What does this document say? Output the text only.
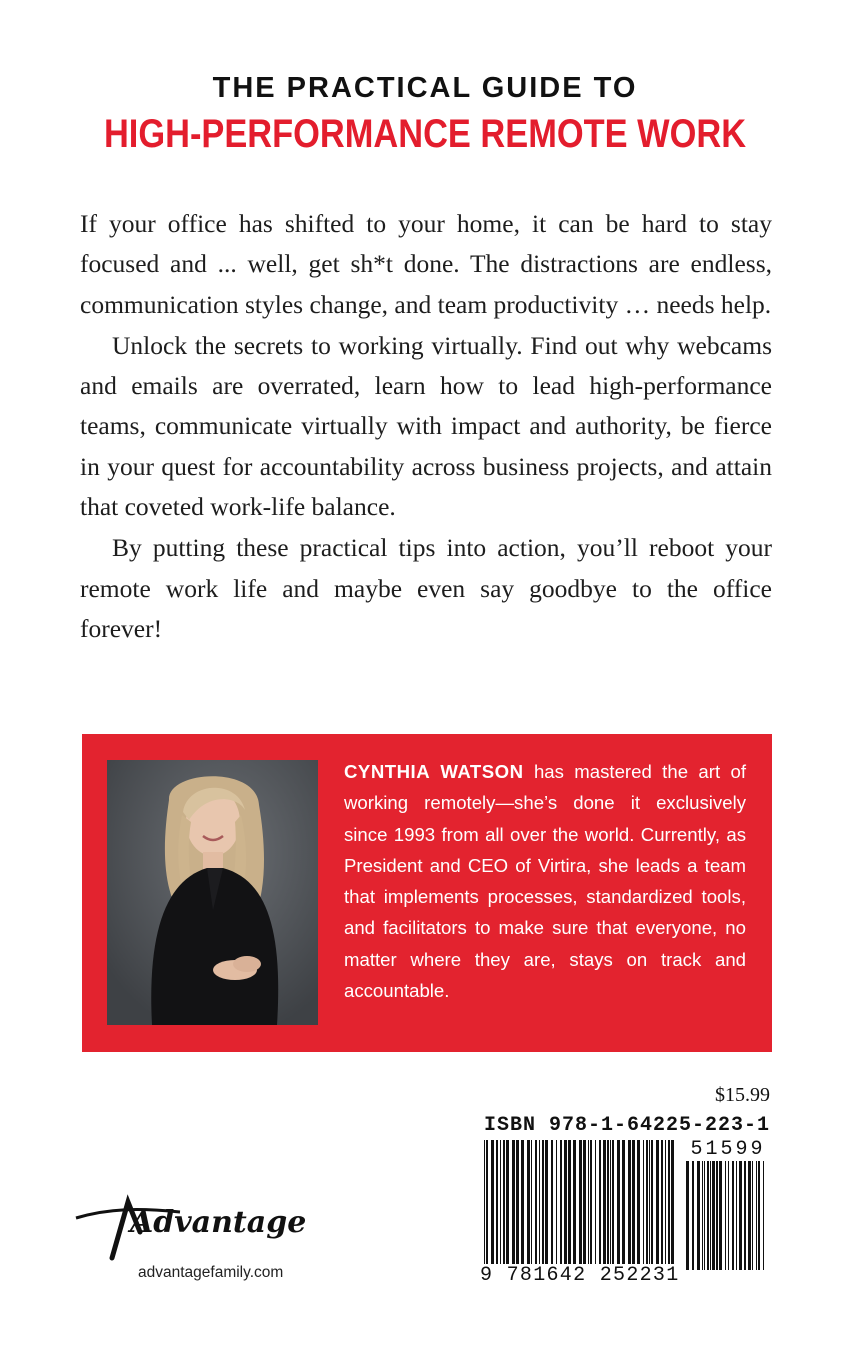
THE PRACTICAL GUIDE TO
HIGH-PERFORMANCE REMOTE WORK

If your office has shifted to your home, it can be hard to stay focused and ... well, get sh*t done. The distractions are endless, communication styles change, and team productivity … needs help.

Unlock the secrets to working virtually. Find out why webcams and emails are overrated, learn how to lead high-performance teams, communicate virtually with impact and authority, be fierce in your quest for accountability across business projects, and attain that coveted work-life balance.

By putting these practical tips into action, you’ll reboot your remote work life and maybe even say goodbye to the office forever!

CYNTHIA WATSON has mastered the art of working remotely—she’s done it exclusively since 1993 from all over the world. Currently, as President and CEO of Virtira, she leads a team that implements processes, standardized tools, and facilitators to make sure that everyone, no matter where they are, stays on track and accountable.
$15.99
ISBN 978-1-64225-223-1
51599
9 781642 252231
Advantage
advantagefamily.com
